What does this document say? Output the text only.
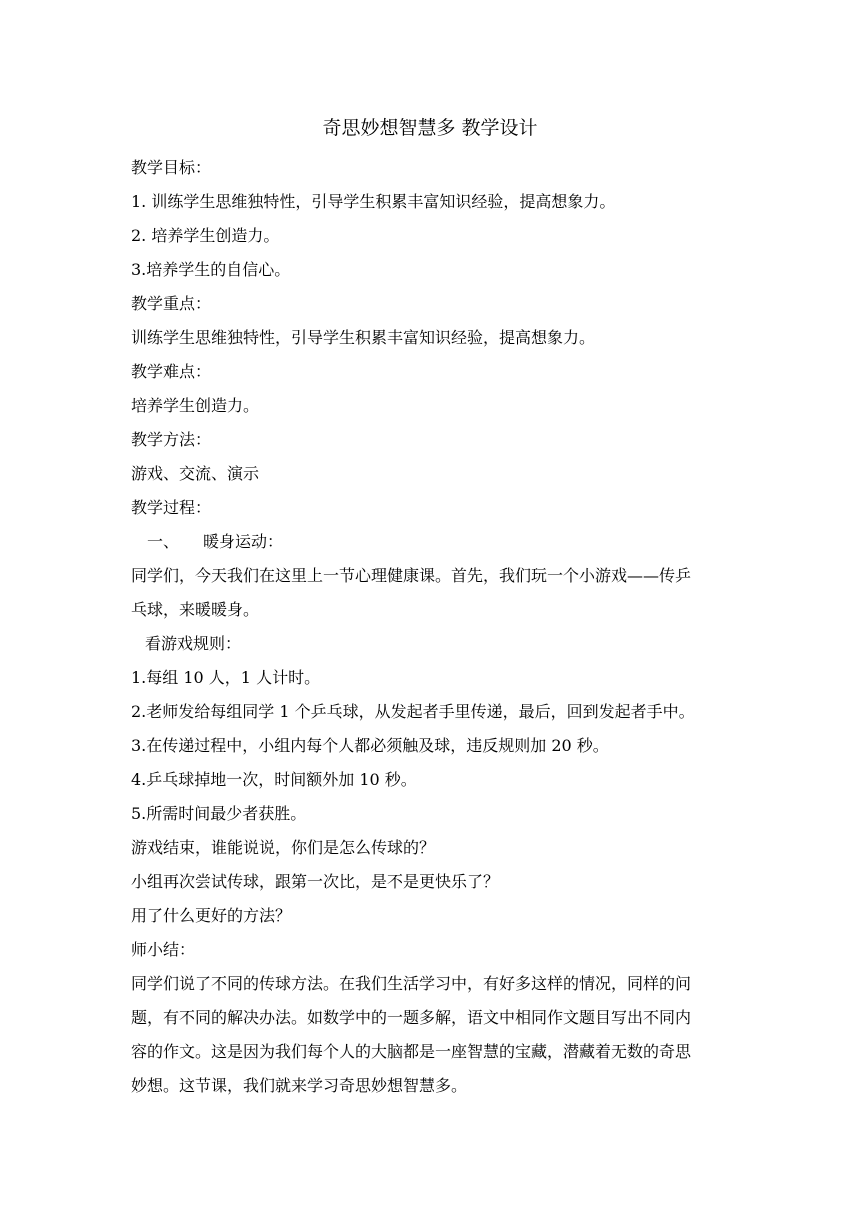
奇思妙想智慧多 教学设计
教学目标：
1. 训练学生思维独特性，引导学生积累丰富知识经验，提高想象力。
2. 培养学生创造力。
3.培养学生的自信心。
教学重点：
训练学生思维独特性，引导学生积累丰富知识经验，提高想象力。
教学难点：
培养学生创造力。
教学方法：
游戏、交流、演示
教学过程：
一、 暖身运动：
同学们，今天我们在这里上一节心理健康课。首先，我们玩一个小游戏——传乒
乓球，来暖暖身。
看游戏规则：
1.每组 10 人，1 人计时。
2.老师发给每组同学 1 个乒乓球，从发起者手里传递，最后，回到发起者手中。
3.在传递过程中，小组内每个人都必须触及球，违反规则加 20 秒。
4.乒乓球掉地一次，时间额外加 10 秒。
5.所需时间最少者获胜。
游戏结束，谁能说说，你们是怎么传球的？
小组再次尝试传球，跟第一次比，是不是更快乐了？
用了什么更好的方法？
师小结：
同学们说了不同的传球方法。在我们生活学习中，有好多这样的情况，同样的问
题，有不同的解决办法。如数学中的一题多解，语文中相同作文题目写出不同内
容的作文。这是因为我们每个人的大脑都是一座智慧的宝藏，潜藏着无数的奇思
妙想。这节课，我们就来学习奇思妙想智慧多。
